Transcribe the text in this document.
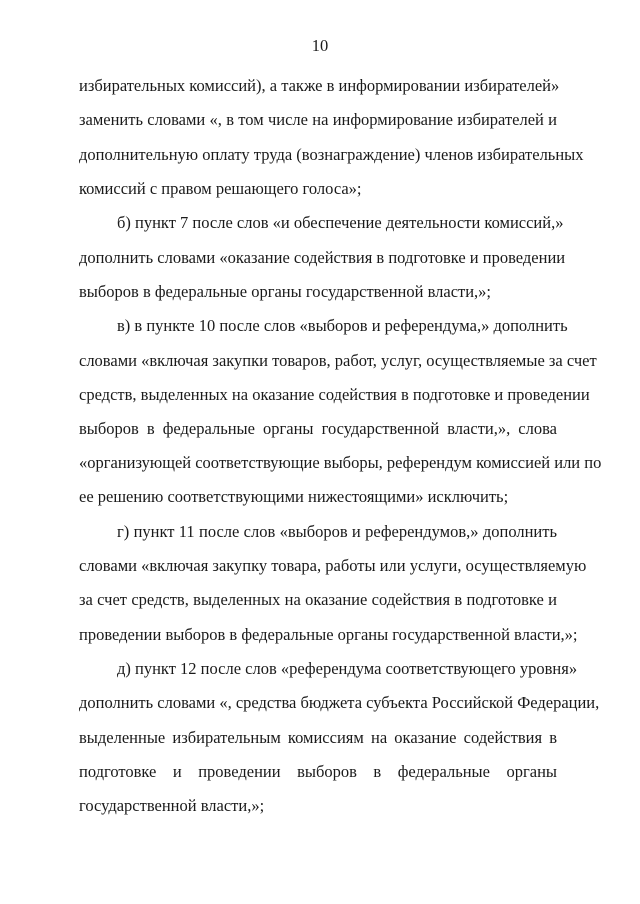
10
избирательных комиссий), а также в информировании избирателей»
заменить словами «, в том числе на информирование избирателей и
дополнительную оплату труда (вознаграждение) членов избирательных
комиссий с правом решающего голоса»;
б) пункт 7 после слов «и обеспечение деятельности комиссий,»
дополнить словами «оказание содействия в подготовке и проведении
выборов в федеральные органы государственной власти,»;
в) в пункте 10 после слов «выборов и референдума,» дополнить
словами «включая закупки товаров, работ, услуг, осуществляемые за счет
средств, выделенных на оказание содействия в подготовке и проведении
выборов в федеральные органы государственной власти,», слова
«организующей соответствующие выборы, референдум комиссией или по
ее решению соответствующими нижестоящими» исключить;
г) пункт 11 после слов «выборов и референдумов,» дополнить
словами «включая закупку товара, работы или услуги, осуществляемую
за счет средств, выделенных на оказание содействия в подготовке и
проведении выборов в федеральные органы государственной власти,»;
д) пункт 12 после слов «референдума соответствующего уровня»
дополнить словами «, средства бюджета субъекта Российской Федерации,
выделенные избирательным комиссиям на оказание содействия в
подготовке и проведении выборов в федеральные органы
государственной власти,»;
